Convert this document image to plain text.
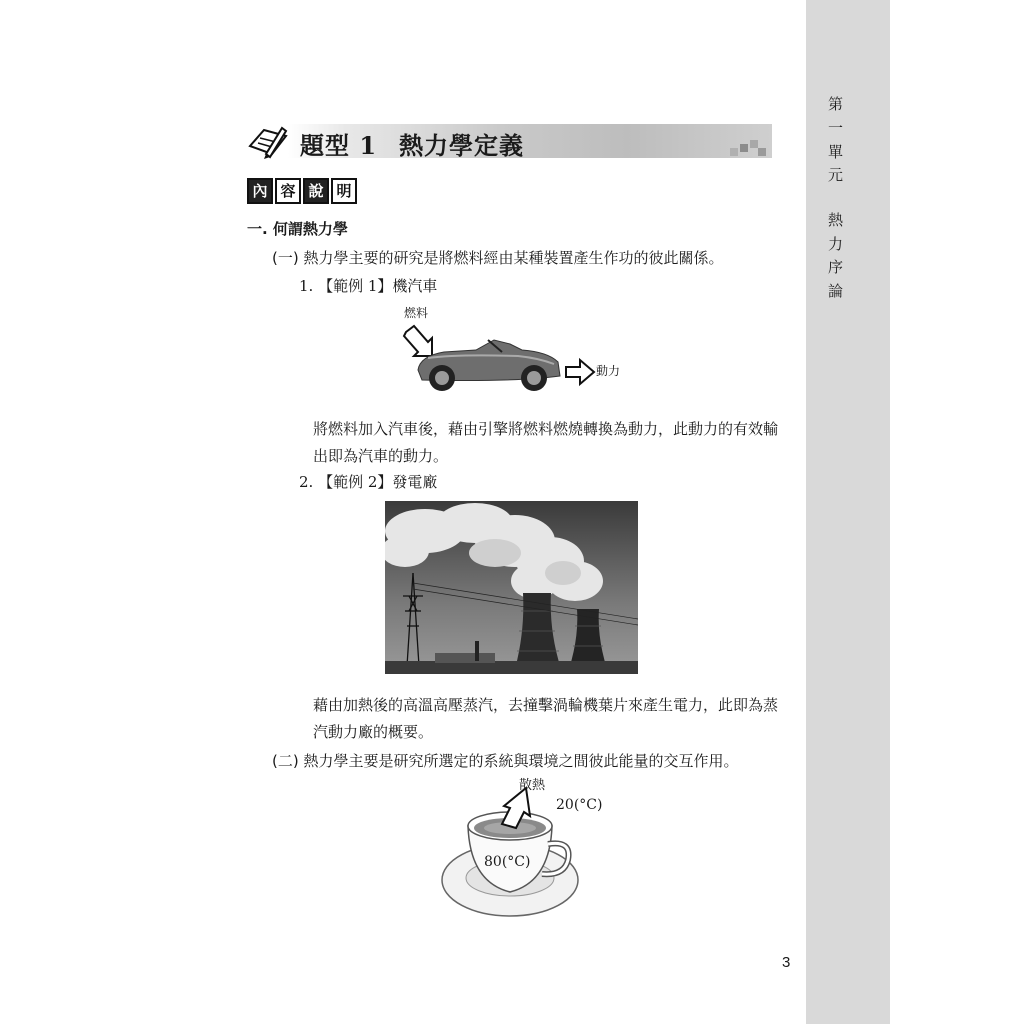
第 一 單 元  熱 力 序 論
題型 1 熱力學定義
內 容 說 明
一. 何謂熱力學
(一) 熱力學主要的研究是將燃料經由某種裝置產生作功的彼此關係。
1. 【範例 1】機汽車
燃料
動力
將燃料加入汽車後，藉由引擎將燃料燃燒轉換為動力，此動力的有效輸
出即為汽車的動力。
2. 【範例 2】發電廠
藉由加熱後的高溫高壓蒸汽，去撞擊渦輪機葉片來產生電力，此即為蒸
汽動力廠的概要。
(二) 熱力學主要是研究所選定的系統與環境之間彼此能量的交互作用。
散熱
20(°C)
80(°C)
3
